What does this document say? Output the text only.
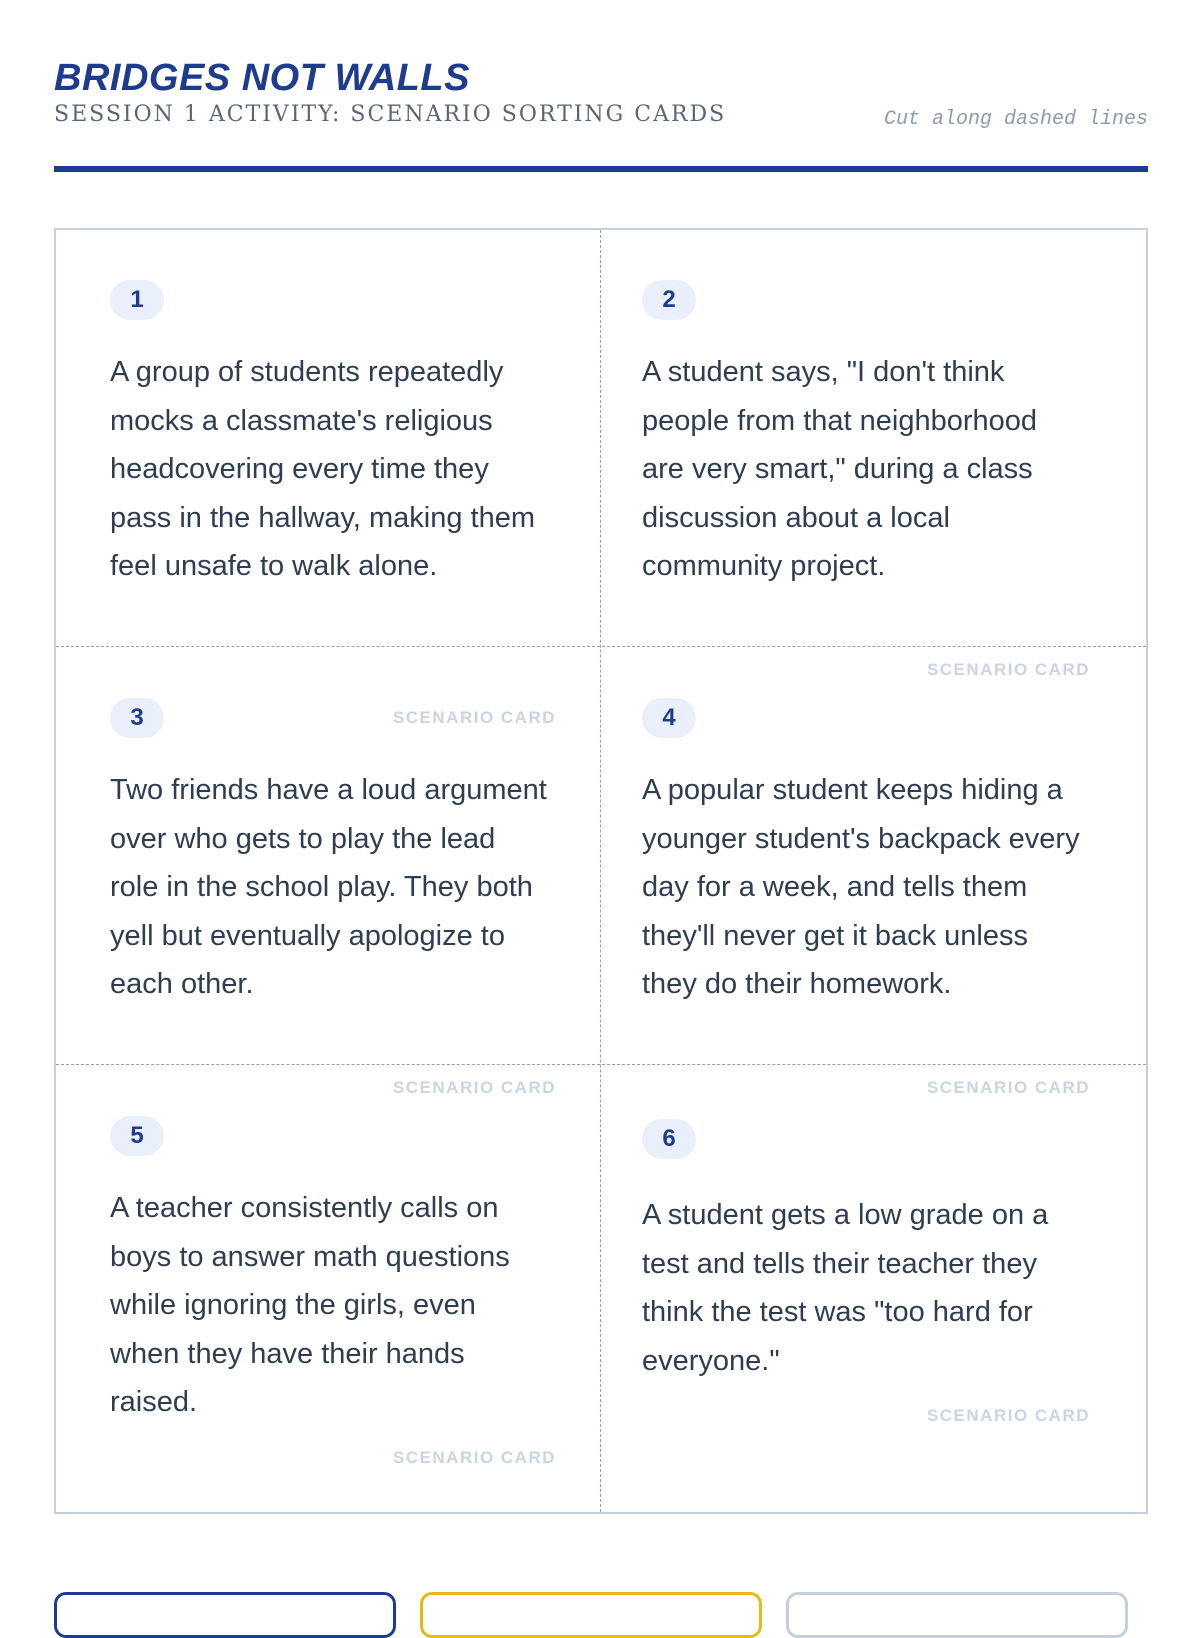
BRIDGES NOT WALLS
SESSION 1 ACTIVITY: SCENARIO SORTING CARDS	Cut along dashed lines
1
A group of students repeatedly mocks a classmate's religious headcovering every time they pass in the hallway, making them feel unsafe to walk alone.
2
A student says, "I don't think people from that neighborhood are very smart," during a class discussion about a local community project.
SCENARIO CARD
3	SCENARIO CARD
Two friends have a loud argument over who gets to play the lead role in the school play. They both yell but eventually apologize to each other.
4
A popular student keeps hiding a younger student's backpack every day for a week, and tells them they'll never get it back unless they do their homework.
SCENARIO CARD	SCENARIO CARD
5
A teacher consistently calls on boys to answer math questions while ignoring the girls, even when they have their hands raised.
SCENARIO CARD
6
A student gets a low grade on a test and tells their teacher they think the test was "too hard for everyone."
SCENARIO CARD
